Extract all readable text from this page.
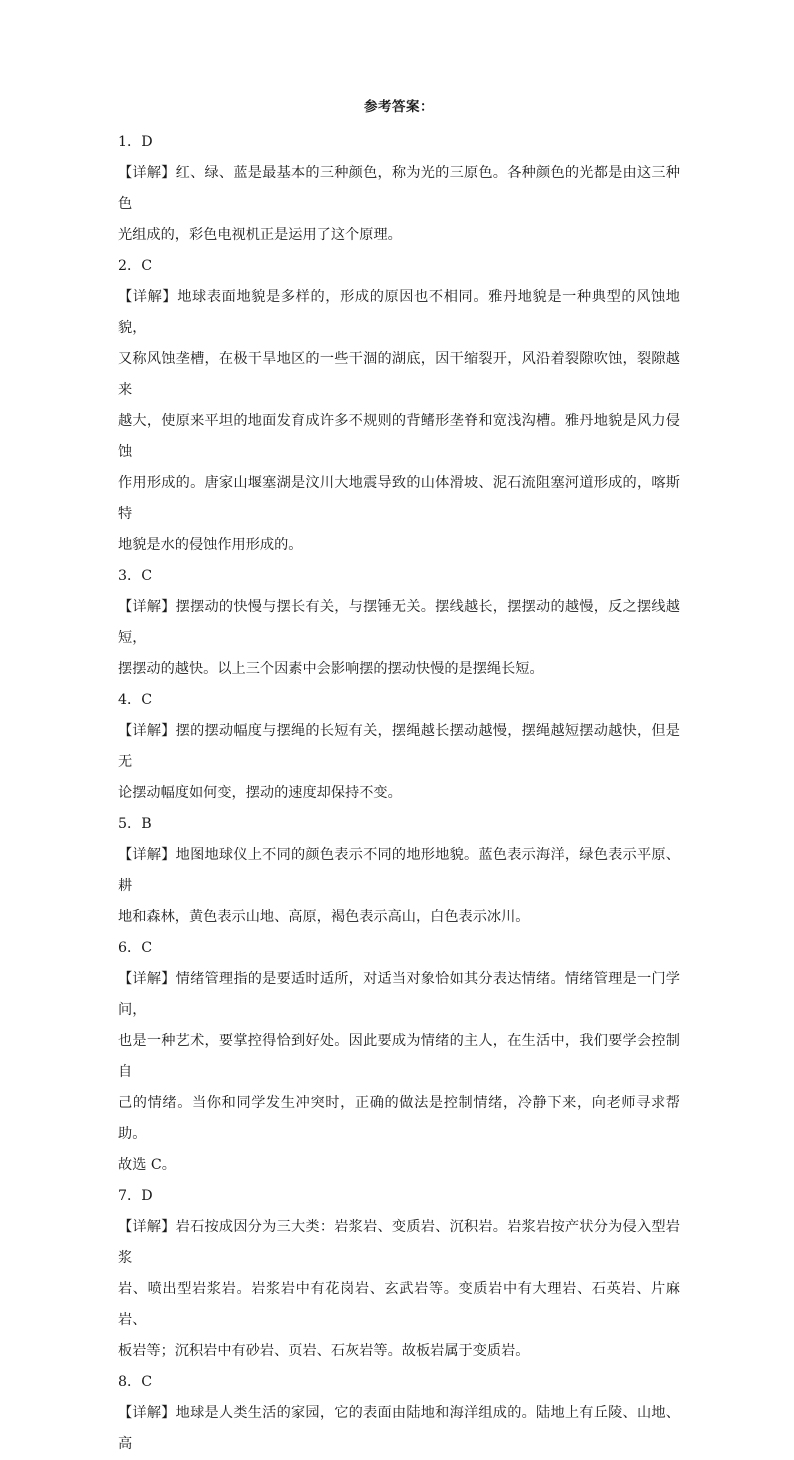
参考答案：
1．D
【详解】红、绿、蓝是最基本的三种颜色，称为光的三原色。各种颜色的光都是由这三种色
光组成的，彩色电视机正是运用了这个原理。
2．C
【详解】地球表面地貌是多样的，形成的原因也不相同。雅丹地貌是一种典型的风蚀地貌，
又称风蚀垄槽，在极干旱地区的一些干涸的湖底，因干缩裂开，风沿着裂隙吹蚀，裂隙越来
越大，使原来平坦的地面发育成许多不规则的背鳍形垄脊和宽浅沟槽。雅丹地貌是风力侵蚀
作用形成的。唐家山堰塞湖是汶川大地震导致的山体滑坡、泥石流阻塞河道形成的，喀斯特
地貌是水的侵蚀作用形成的。
3．C
【详解】摆摆动的快慢与摆长有关，与摆锤无关。摆线越长，摆摆动的越慢，反之摆线越短，
摆摆动的越快。以上三个因素中会影响摆的摆动快慢的是摆绳长短。
4．C
【详解】摆的摆动幅度与摆绳的长短有关，摆绳越长摆动越慢，摆绳越短摆动越快，但是无
论摆动幅度如何变，摆动的速度却保持不变。
5．B
【详解】地图地球仪上不同的颜色表示不同的地形地貌。蓝色表示海洋，绿色表示平原、耕
地和森林，黄色表示山地、高原，褐色表示高山，白色表示冰川。
6．C
【详解】情绪管理指的是要适时适所，对适当对象恰如其分表达情绪。情绪管理是一门学问，
也是一种艺术，要掌控得恰到好处。因此要成为情绪的主人，在生活中，我们要学会控制自
己的情绪。当你和同学发生冲突时，正确的做法是控制情绪，冷静下来，向老师寻求帮助。
故选 C。
7．D
【详解】岩石按成因分为三大类：岩浆岩、变质岩、沉积岩。岩浆岩按产状分为侵入型岩浆
岩、喷出型岩浆岩。岩浆岩中有花岗岩、玄武岩等。变质岩中有大理岩、石英岩、片麻岩、
板岩等；沉积岩中有砂岩、页岩、石灰岩等。故板岩属于变质岩。
8．C
【详解】地球是人类生活的家园，它的表面由陆地和海洋组成的。陆地上有丘陵、山地、高
